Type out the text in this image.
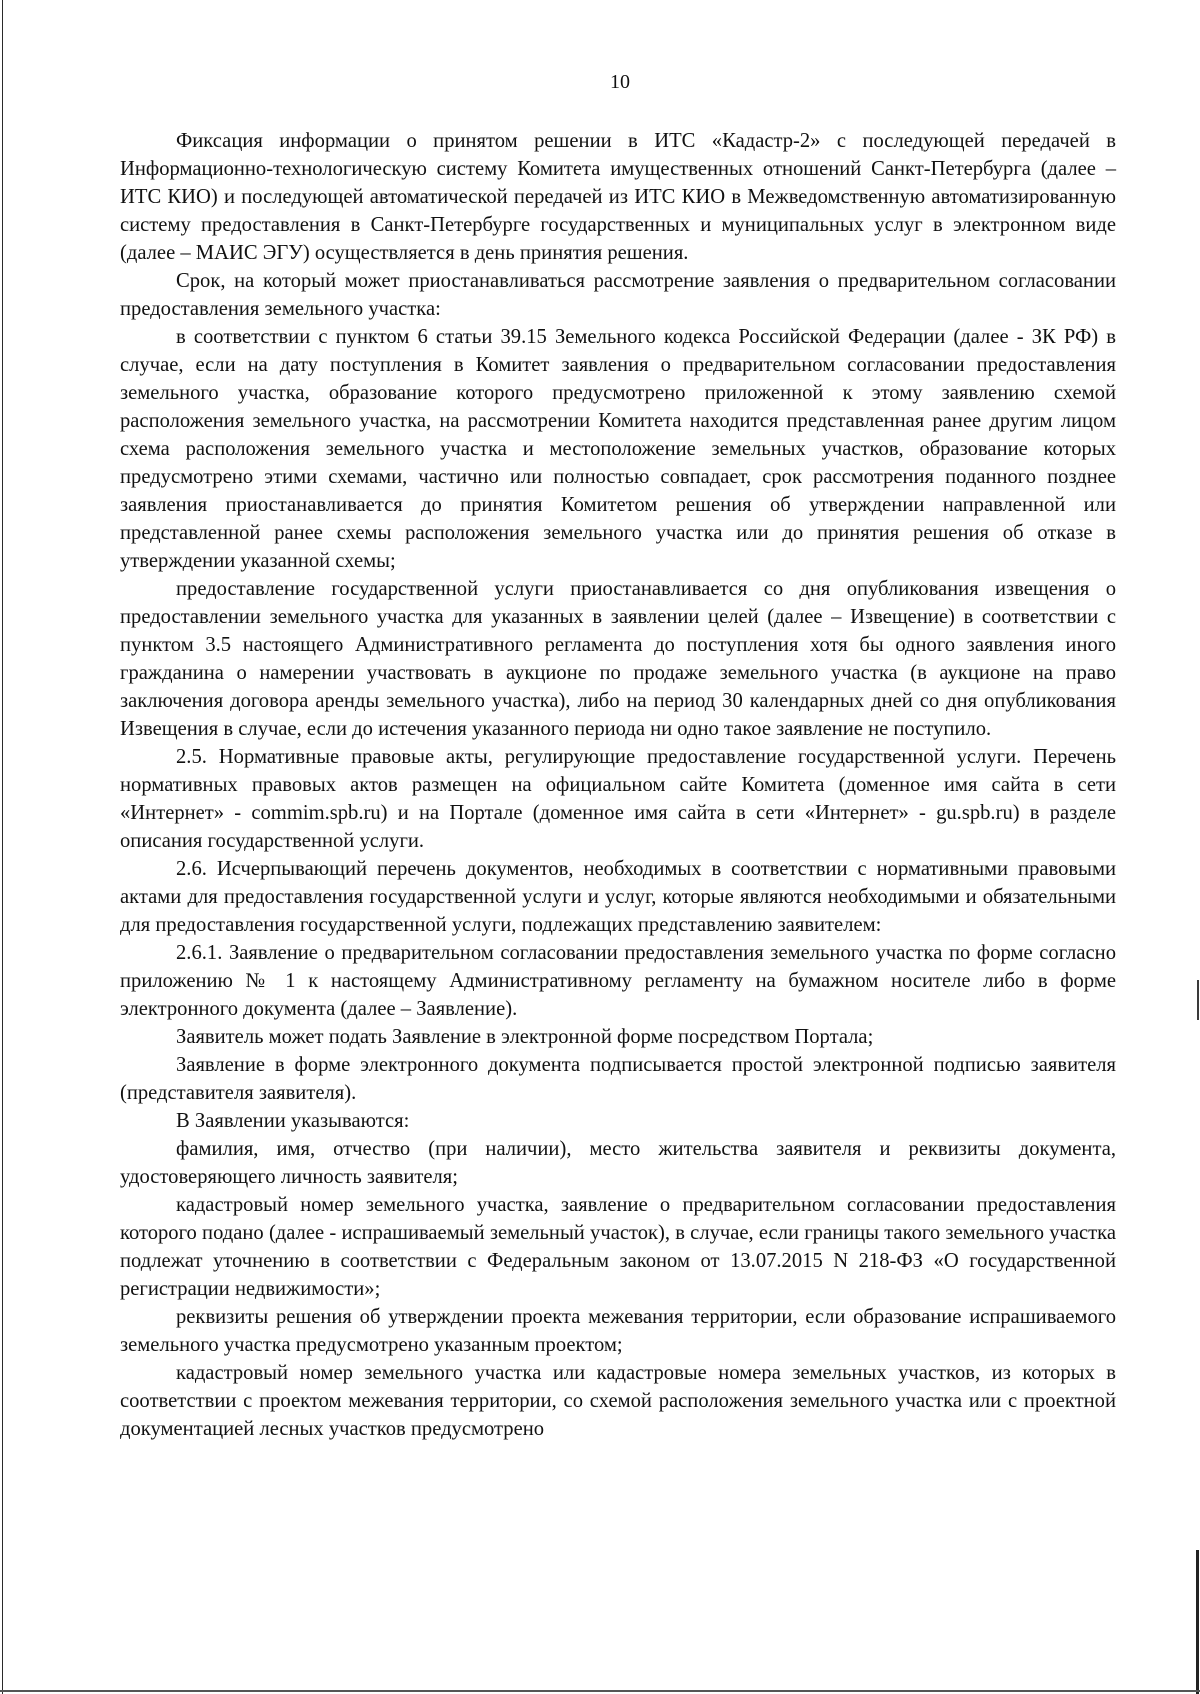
10

Фиксация информации о принятом решении в ИТС «Кадастр-2» с последующей передачей в Информационно-технологическую систему Комитета имущественных отношений Санкт-Петербурга (далее – ИТС КИО) и последующей автоматической передачей из ИТС КИО в Межведомственную автоматизированную систему предоставления в Санкт-Петербурге государственных и муниципальных услуг в электронном виде (далее – МАИС ЭГУ) осуществляется в день принятия решения.

Срок, на который может приостанавливаться рассмотрение заявления о предварительном согласовании предоставления земельного участка:

в соответствии с пунктом 6 статьи 39.15 Земельного кодекса Российской Федерации (далее - ЗК РФ) в случае, если на дату поступления в Комитет заявления о предварительном согласовании предоставления земельного участка, образование которого предусмотрено приложенной к этому заявлению схемой расположения земельного участка, на рассмотрении Комитета находится представленная ранее другим лицом схема расположения земельного участка и местоположение земельных участков, образование которых предусмотрено этими схемами, частично или полностью совпадает, срок рассмотрения поданного позднее заявления приостанавливается до принятия Комитетом решения об утверждении направленной или представленной ранее схемы расположения земельного участка или до принятия решения об отказе в утверждении указанной схемы;

предоставление государственной услуги приостанавливается со дня опубликования извещения о предоставлении земельного участка для указанных в заявлении целей (далее – Извещение) в соответствии с пунктом 3.5 настоящего Административного регламента до поступления хотя бы одного заявления иного гражданина о намерении участвовать в аукционе по продаже земельного участка (в аукционе на право заключения договора аренды земельного участка), либо на период 30 календарных дней со дня опубликования Извещения в случае, если до истечения указанного периода ни одно такое заявление не поступило.

2.5. Нормативные правовые акты, регулирующие предоставление государственной услуги. Перечень нормативных правовых актов размещен на официальном сайте Комитета (доменное имя сайта в сети «Интернет» - commim.spb.ru) и на Портале (доменное имя сайта в сети «Интернет» - gu.spb.ru) в разделе описания государственной услуги.

2.6. Исчерпывающий перечень документов, необходимых в соответствии с нормативными правовыми актами для предоставления государственной услуги и услуг, которые являются необходимыми и обязательными для предоставления государственной услуги, подлежащих представлению заявителем:

2.6.1. Заявление о предварительном согласовании предоставления земельного участка по форме согласно приложению № 1 к настоящему Административному регламенту на бумажном носителе либо в форме электронного документа (далее – Заявление).

Заявитель может подать Заявление в электронной форме посредством Портала;

Заявление в форме электронного документа подписывается простой электронной подписью заявителя (представителя заявителя).

В Заявлении указываются:

фамилия, имя, отчество (при наличии), место жительства заявителя и реквизиты документа, удостоверяющего личность заявителя;

кадастровый номер земельного участка, заявление о предварительном согласовании предоставления которого подано (далее - испрашиваемый земельный участок), в случае, если границы такого земельного участка подлежат уточнению в соответствии с Федеральным законом от 13.07.2015 N 218-ФЗ «О государственной регистрации недвижимости»;

реквизиты решения об утверждении проекта межевания территории, если образование испрашиваемого земельного участка предусмотрено указанным проектом;

кадастровый номер земельного участка или кадастровые номера земельных участков, из которых в соответствии с проектом межевания территории, со схемой расположения земельного участка или с проектной документацией лесных участков предусмотрено
